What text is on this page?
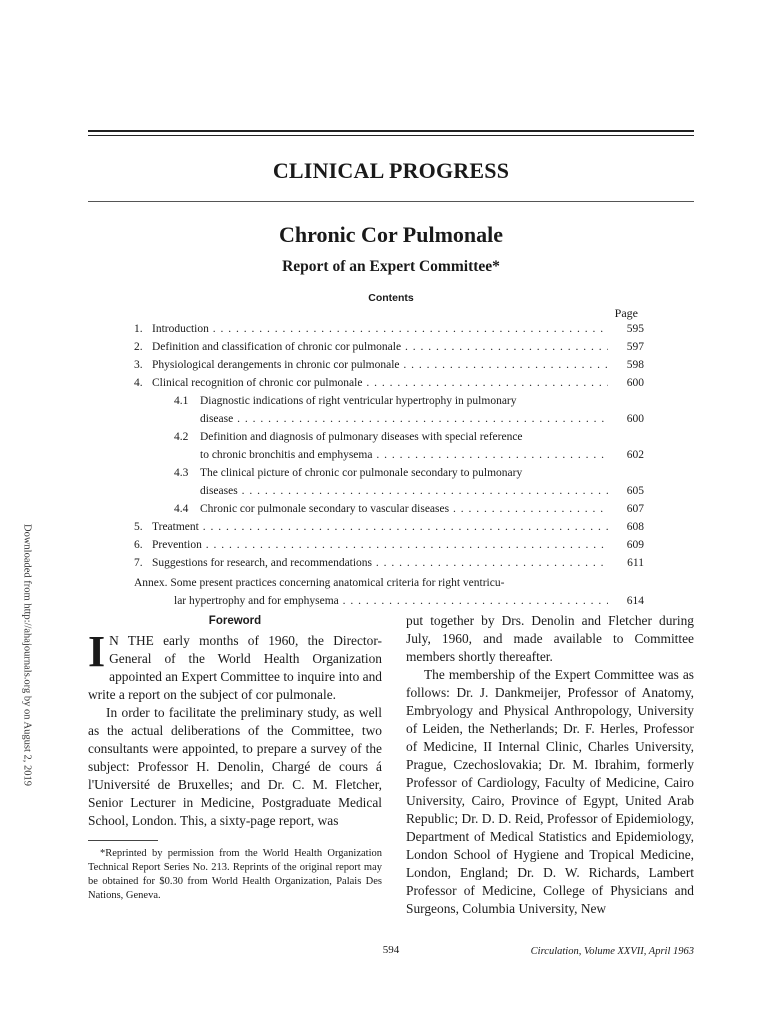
CLINICAL PROGRESS
Chronic Cor Pulmonale
Report of an Expert Committee*
Contents
Page
1. Introduction . . .	595
2. Definition and classification of chronic cor pulmonale . . .	597
3. Physiological derangements in chronic cor pulmonale . . .	598
4. Clinical recognition of chronic cor pulmonale . . .	600
4.1	Diagnostic indications of right ventricular hypertrophy in pulmonary
disease . . .	600
4.2	Definition and diagnosis of pulmonary diseases with special reference
to chronic bronchitis and emphysema . . .	602
4.3	The clinical picture of chronic cor pulmonale secondary to pulmonary
diseases . . .	605
4.4	Chronic cor pulmonale secondary to vascular diseases . . .	607
5. Treatment . . .	608
6. Prevention . . .	609
7. Suggestions for research, and recommendations . . .	611
Annex. Some present practices concerning anatomical criteria for right ventricu-
lar hypertrophy and for emphysema . . .	614
Downloaded from http://ahajournals.org by on August 2, 2019	Foreword

I N THE early months of 1960, the Director-General of the World Health Organization appointed an Expert Committee to inquire into and write a report on the subject of cor pulmonale.

In order to facilitate the preliminary study, as well as the actual deliberations of the Committee, two consultants were appointed, to prepare a survey of the subject: Professor H. Denolin, Chargé de cours á l'Université de Bruxelles; and Dr. C. M. Fletcher, Senior Lecturer in Medicine, Postgraduate Medical School, London. This, a sixty-page report, was

*Reprinted by permission from the World Health Organization Technical Report Series No. 213. Reprints of the original report may be obtained for $0.30 from World Health Organization, Palais Des Nations, Geneva.

put together by Drs. Denolin and Fletcher during July, 1960, and made available to Committee members shortly thereafter.

The membership of the Expert Committee was as follows: Dr. J. Dankmeijer, Professor of Anatomy, Embryology and Physical Anthropology, University of Leiden, the Netherlands; Dr. F. Herles, Professor of Medicine, II Internal Clinic, Charles University, Prague, Czechoslovakia; Dr. M. Ibrahim, formerly Professor of Cardiology, Faculty of Medicine, Cairo University, Cairo, Province of Egypt, United Arab Republic; Dr. D. D. Reid, Professor of Epidemiology, Department of Medical Statistics and Epidemiology, London School of Hygiene and Tropical Medicine, London, England; Dr. D. W. Richards, Lambert Professor of Medicine, College of Physicians and Surgeons, Columbia University, New

594	Circulation, Volume XXVII, April 1963
